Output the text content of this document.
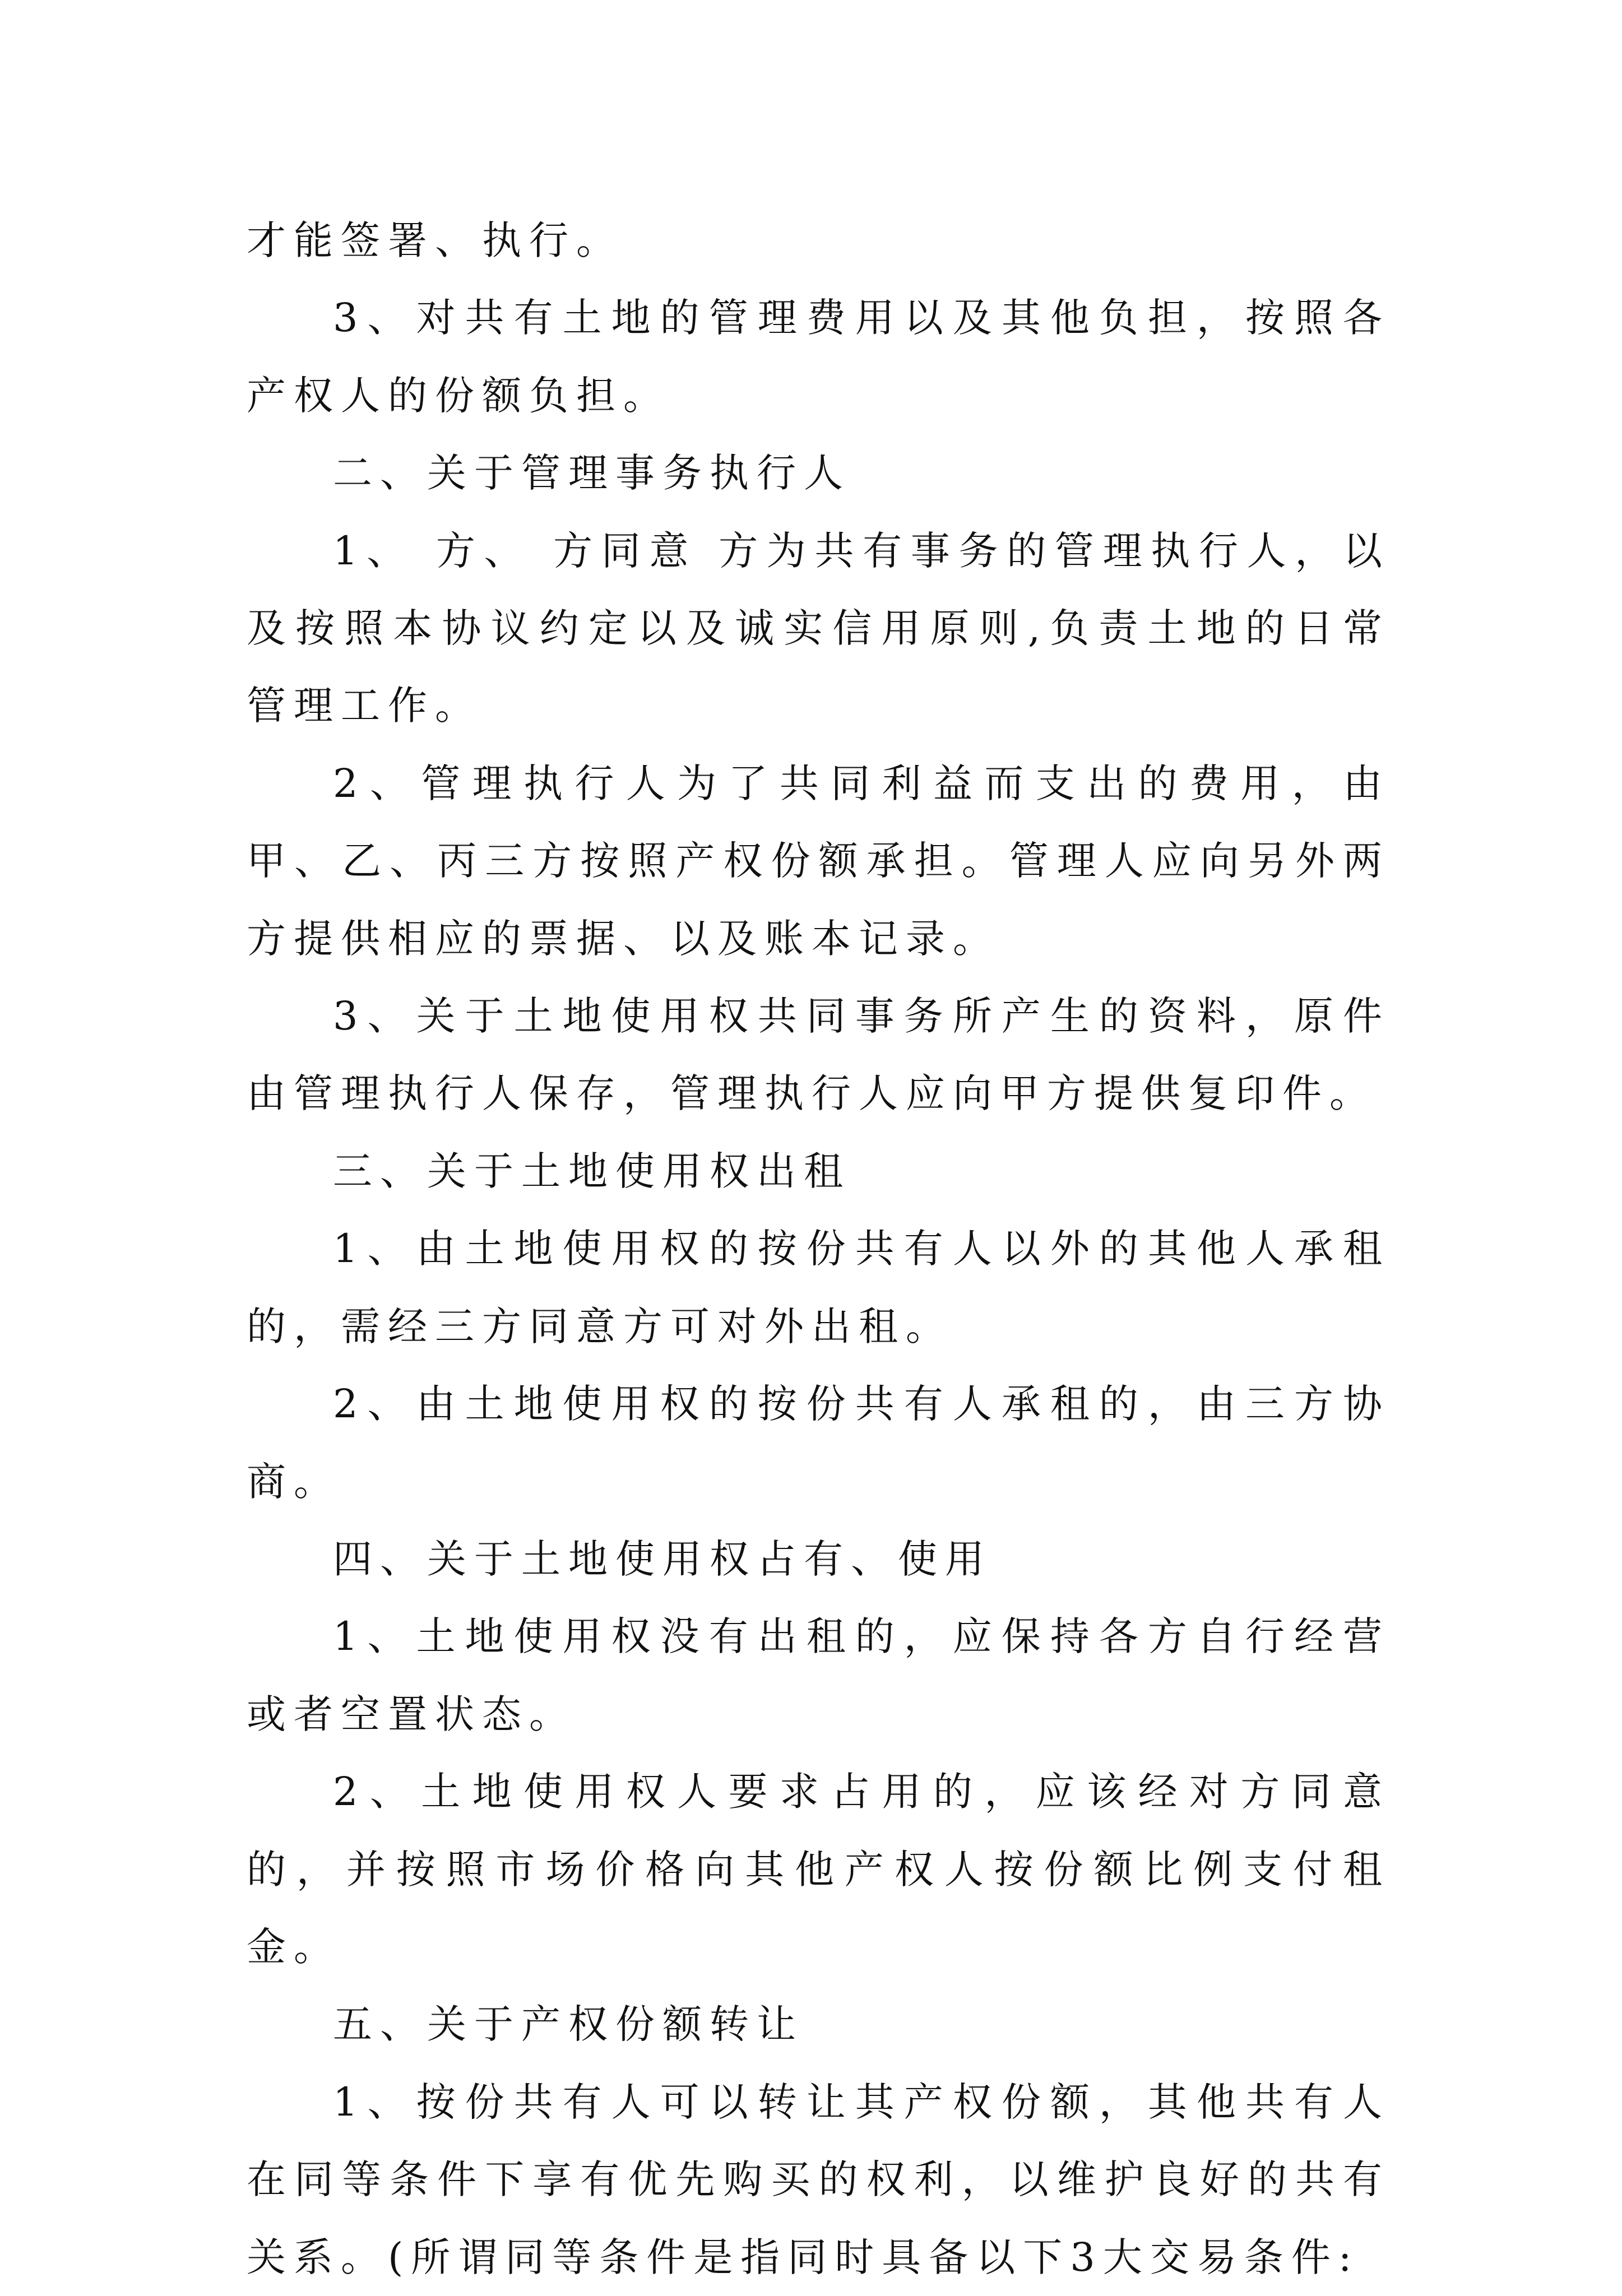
才能签署、执行。

3、对共有土地的管理费用以及其他负担，按照各产权人的份额负担。

二、关于管理事务执行人

1、 方、 方同意 方为共有事务的管理执行人，以及按照本协议约定以及诚实信用原则,负责土地的日常管理工作。

2、管理执行人为了共同利益而支出的费用，由甲、乙、丙三方按照产权份额承担。管理人应向另外两方提供相应的票据、以及账本记录。

3、关于土地使用权共同事务所产生的资料，原件由管理执行人保存，管理执行人应向甲方提供复印件。

三、关于土地使用权出租

1、由土地使用权的按份共有人以外的其他人承租的，需经三方同意方可对外出租。

2、由土地使用权的按份共有人承租的，由三方协商。

四、关于土地使用权占有、使用

1、土地使用权没有出租的，应保持各方自行经营或者空置状态。

2、土地使用权人要求占用的，应该经对方同意的，并按照市场价格向其他产权人按份额比例支付租金。

五、关于产权份额转让

1、按份共有人可以转让其产权份额，其他共有人在同等条件下享有优先购买的权利，以维护良好的共有关系。(所谓同等条件是指同时具备以下3大交易条件:
